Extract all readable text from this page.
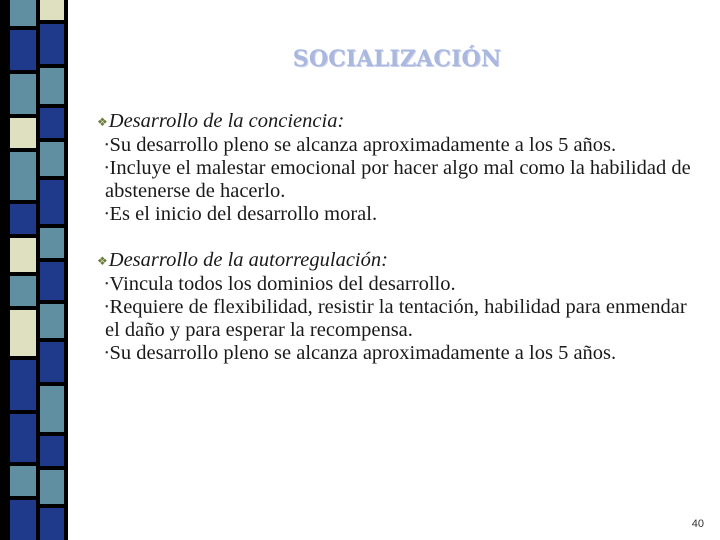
SOCIALIZACIÓN
❖Desarrollo de la conciencia:
•Su desarrollo pleno se alcanza aproximadamente a los 5 años.
•Incluye el malestar emocional por hacer algo mal como la habilidad de abstenerse de hacerlo.
•Es el inicio del desarrollo moral.
❖Desarrollo de la autorregulación:
•Vincula todos los dominios del desarrollo.
•Requiere de flexibilidad, resistir la tentación, habilidad para enmendar el daño y para esperar la recompensa.
•Su desarrollo pleno se alcanza aproximadamente a los 5 años.
40
